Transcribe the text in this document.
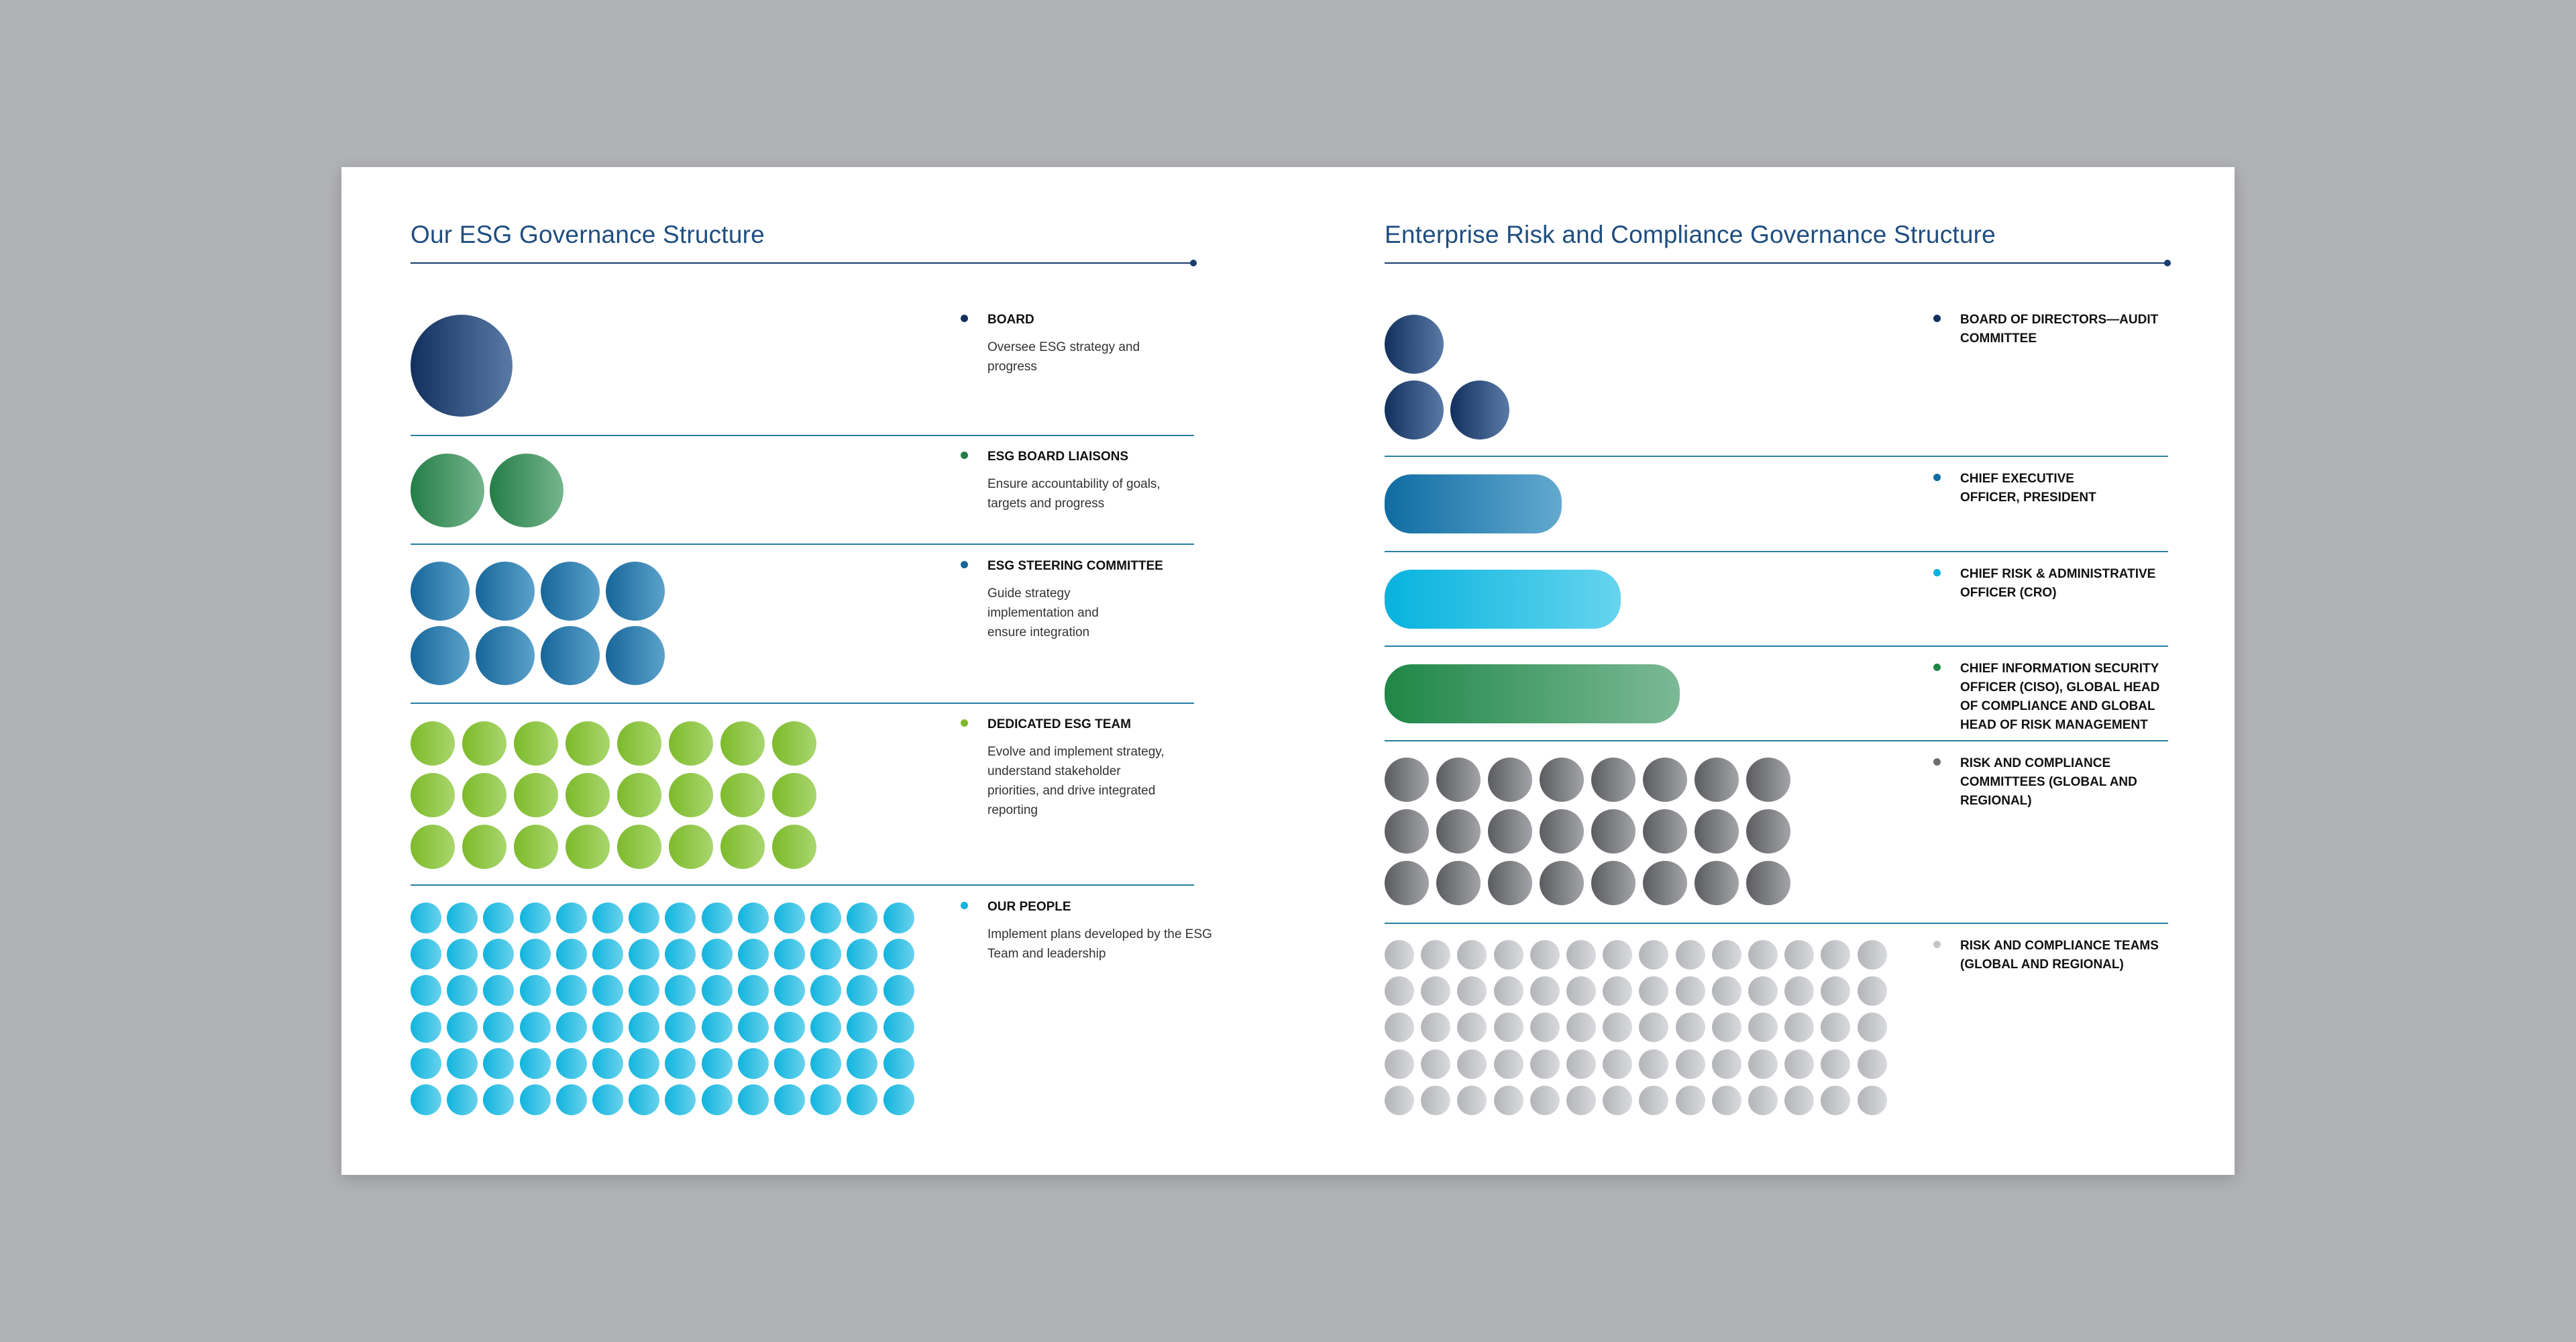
Our ESG Governance Structure
BOARD
Oversee ESG strategy and progress
ESG BOARD LIAISONS
Ensure accountability of goals, targets and progress
ESG STEERING COMMITTEE
Guide strategy implementation and ensure integration
DEDICATED ESG TEAM
Evolve and implement strategy, understand stakeholder priorities, and drive integrated reporting
OUR PEOPLE
Implement plans developed by the ESG Team and leadership
Enterprise Risk and Compliance Governance Structure
BOARD OF DIRECTORS—AUDIT COMMITTEE
CHIEF EXECUTIVE OFFICER, PRESIDENT
CHIEF RISK & ADMINISTRATIVE OFFICER (CRO)
CHIEF INFORMATION SECURITY OFFICER (CISO), GLOBAL HEAD OF COMPLIANCE AND GLOBAL HEAD OF RISK MANAGEMENT
RISK AND COMPLIANCE COMMITTEES (GLOBAL AND REGIONAL)
RISK AND COMPLIANCE TEAMS (GLOBAL AND REGIONAL)
